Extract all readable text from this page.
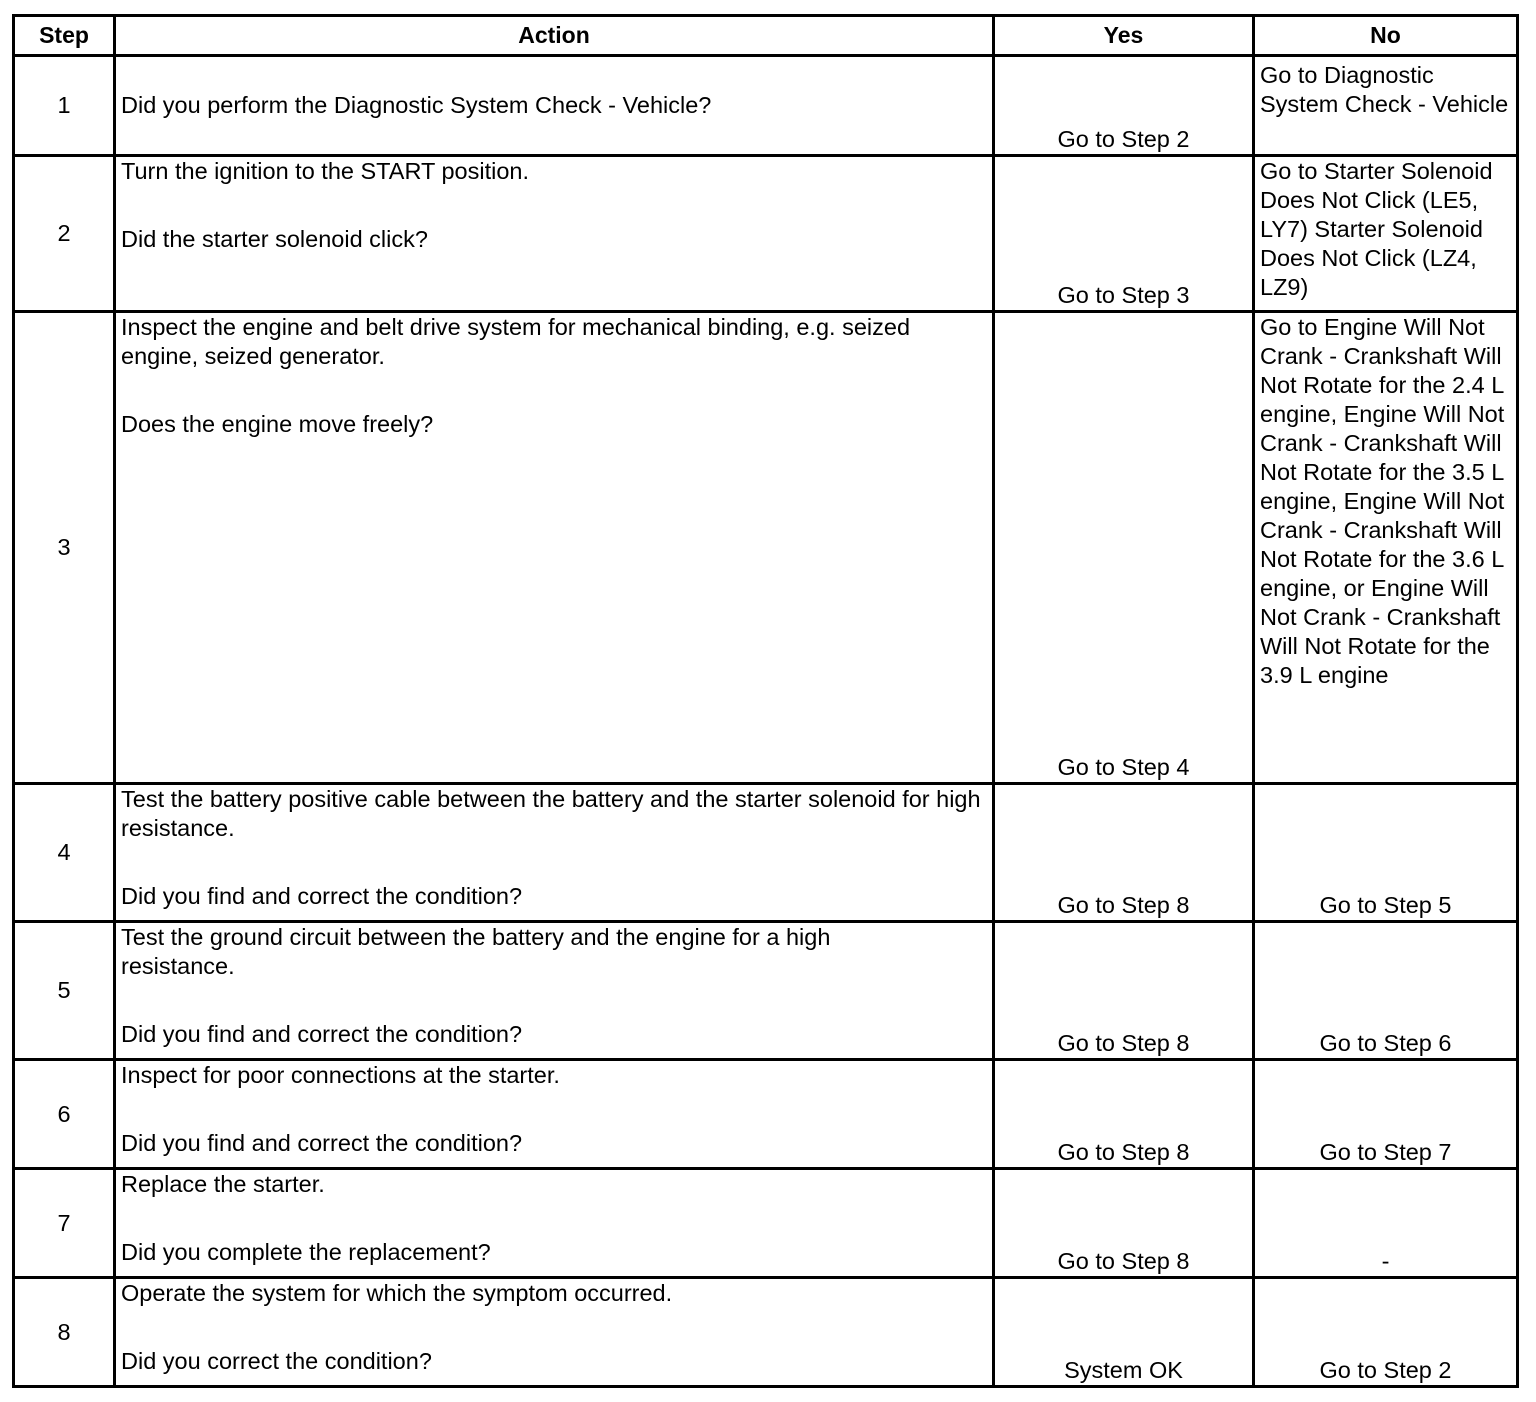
Step	Action	Yes	No
1	Did you perform the Diagnostic System Check - Vehicle?	Go to Step 2	Go to Diagnostic System Check - Vehicle
2	Turn the ignition to the START position.
Did the starter solenoid click?	Go to Step 3	Go to Starter Solenoid Does Not Click (LE5, LY7) Starter Solenoid Does Not Click (LZ4, LZ9)
3	Inspect the engine and belt drive system for mechanical binding, e.g. seized engine, seized generator.
Does the engine move freely?	Go to Step 4	Go to Engine Will Not Crank - Crankshaft Will Not Rotate for the 2.4 L engine, Engine Will Not Crank - Crankshaft Will Not Rotate for the 3.5 L engine, Engine Will Not Crank - Crankshaft Will Not Rotate for the 3.6 L engine, or Engine Will Not Crank - Crankshaft Will Not Rotate for the 3.9 L engine
4	Test the battery positive cable between the battery and the starter solenoid for high resistance.
Did you find and correct the condition?	Go to Step 8	Go to Step 5
5	Test the ground circuit between the battery and the engine for a high resistance.
Did you find and correct the condition?	Go to Step 8	Go to Step 6
6	Inspect for poor connections at the starter.
Did you find and correct the condition?	Go to Step 8	Go to Step 7
7	Replace the starter.
Did you complete the replacement?	Go to Step 8	-
8	Operate the system for which the symptom occurred.
Did you correct the condition?	System OK	Go to Step 2
